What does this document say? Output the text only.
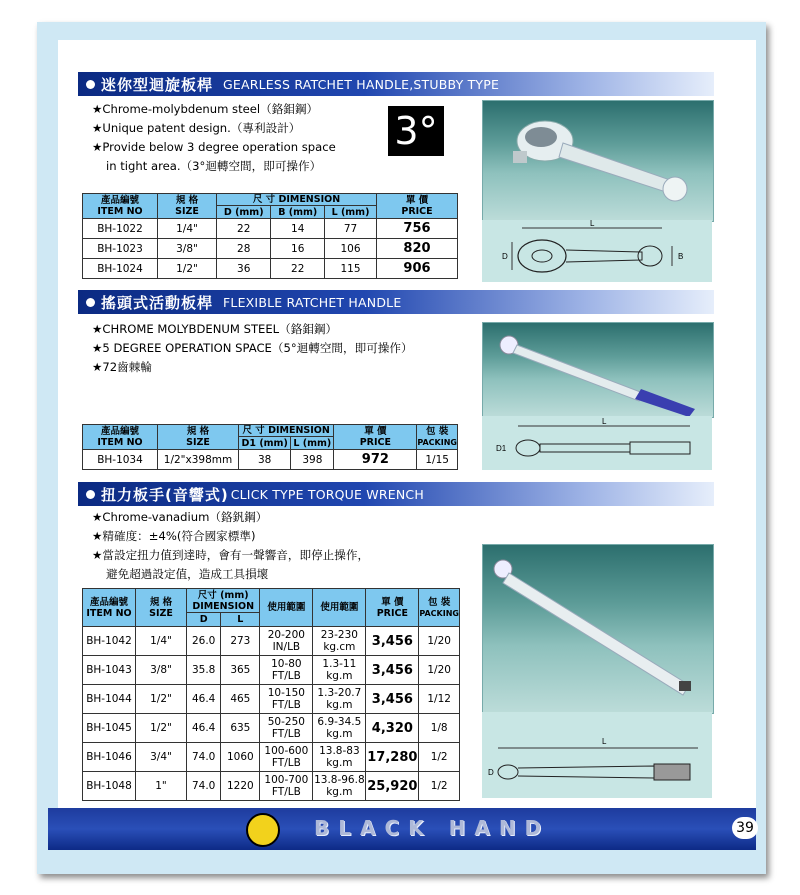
迷你型迴旋板桿 GEARLESS RATCHET HANDLE,STUBBY TYPE
★Chrome-molybdenum steel（鉻鉬鋼）
★Unique patent design.（專利設計）
★Provide below 3 degree operation space
in tight area.（3°迴轉空間，即可操作）
3°
產品編號
ITEM NO	規 格
SIZE	尺 寸 DIMENSION			單 價
PRICE
		D (mm)	B (mm)	L (mm)	
BH-1022	1/4"	22	14	77	756
BH-1023	3/8"	28	16	106	820
BH-1024	1/2"	36	22	115	906
L
D	B
搖頭式活動板桿 FLEXIBLE RATCHET HANDLE
★CHROME MOLYBDENUM STEEL（鉻鉬鋼）
★5 DEGREE OPERATION SPACE（5°迴轉空間，即可操作）
★72齒棘輪
產品編號
ITEM NO	規 格
SIZE	尺 寸 DIMENSION		單 價
PRICE	包 裝
PACKING
		D1 (mm)	L (mm)		
BH-1034	1/2"x398mm	38	398	972	1/15
L
D1
扭力板手(音響式) CLICK TYPE TORQUE WRENCH
★Chrome-vanadium（鉻釩鋼）
★精確度：±4%(符合國家標準)
★當設定扭力值到達時，會有一聲響音，即停止操作，
避免超過設定值，造成工具損壞
產品編號
ITEM NO	規 格
SIZE	尺寸 (mm)
DIMENSION		使用範圍	使用範圍	單 價
PRICE	包 裝
PACKING
		D	L				
BH-1042	1/4"	26.0	273	20-200
IN/LB	23-230
kg.cm	3,456	1/20
BH-1043	3/8"	35.8	365	10-80
FT/LB	1.3-11
kg.m	3,456	1/20
BH-1044	1/2"	46.4	465	10-150
FT/LB	1.3-20.7
kg.m	3,456	1/12
BH-1045	1/2"	46.4	635	50-250
FT/LB	6.9-34.5
kg.m	4,320	1/8
BH-1046	3/4"	74.0	1060	100-600
FT/LB	13.8-83
kg.m	17,280	1/2
BH-1048	1"	74.0	1220	100-700
FT/LB	13.8-96.8
kg.m	25,920	1/2
L
D
BLACK HAND	39
